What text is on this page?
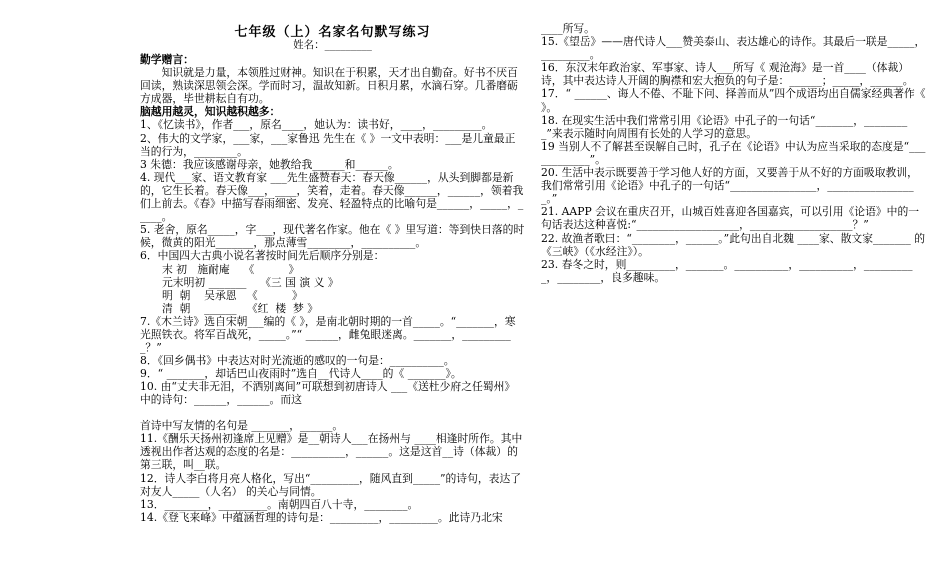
七年级（上）名家名句默写练习
姓名：_________
勤学赠言：
知识就是力量，本领胜过财神。知识在于积累，天才出自勤奋。好书不厌百回读，熟读深思领会深。学而时习，温故知新。日积月累，水滴石穿。几番磨砺方成器，毕世耕耘自有功。
脑越用越灵，知识越积越多：
1、《忆读书》，作者___，原名____，她认为：读书好，____，_________。
2、伟大的文学家，___家，___家鲁迅 先生在《 》一文中表明：___是儿童最正当的行为，________。
3 朱德：我应该感谢母亲，她教给我______和______。
4. 现代___家、语文教育家 ___先生盛赞春天：春天像______，从头到脚都是新的，它生长着。春天像___，____，笑着，走着。春天像______，______，领着我们上前去。《春》中描写春雨细密、发亮、轻盈特点的比喻句是______，_____，_____。
5. 老舍，原名_____，字___，现代著名作家。他在《 》里写道：等到快日落的时候，微黄的阳光_______，那点薄雪________，__________。
6．中国四大古典小说名著按时间先后顺序分别是：
末 初   施耐庵    《          》
元末明初 _______    《三 国 演 义 》
明  朝    吴承恩   《          》
清  朝    ______   《红  楼  梦 》
7.《木兰诗》选自宋朝___编的《 》，是南北朝时期的一首_____。“_______，寒光照铁衣。将军百战死，_____。”“ ______，雌兔眼迷离。_______，__________？”
8．《回乡偶书》中表达对时光流逝的感叹的一句是：__________。
9．“ _______，却话巴山夜雨时”选自__代诗人____的《 _______》。
10. 由“丈夫非无泪，不洒别离间”可联想到初唐诗人 ___《送杜少府之任蜀州》中的诗句：______，______。而这
首诗中写友情的名句是 _______，______。
11.《酬乐天扬州初逢席上见赠》是__朝诗人___在扬州与 ____相逢时所作。其中透视出作者达观的态度的名是：__________，______。这是这首__诗（体裁）的第三联，叫__联。
12．诗人李白将月亮人格化，写出“_________，随风直到_____”的诗句，表达了对友人_____（人名） 的关心与同情。
13．________，_________。南朝四百八十寺，________。
14.《登飞来峰》中蕴涵哲理的诗句是：_________，_________。此诗乃北宋
____所写。
15.《望岳》——唐代诗人___赞美泰山、表达雄心的诗作。其最后一联是_____，_________。
16．东汉末年政治家、军事家、诗人___所写《 观沧海》是一首____（体裁）诗，其中表达诗人开阔的胸襟和宏大抱负的句子是：______；_____，______。
17．“ ______、诲人不倦、不耻下问、择善而从”四个成语均出自儒家经典著作《 》。
18. 在现实生活中我们常常引用《论语》中孔子的一句话“_______，_________”来表示随时向周围有长处的人学习的意思。
19 当别人不了解甚至误解自己时，孔子在《论语》中认为应当采取的态度是“____________”。
20. 生活中表示既要善于学习他人好的方面，又要善于从不好的方面吸取教训，我们常常引用《论语》中孔子的一句话“________________，_________________。”
21. AAPP 会议在重庆召开，山城百姓喜迎各国嘉宾，可以引用《论语》中的一句话表达这种喜悦:“___________________，___________________？”
22. 故渔者歌曰：“________，______。”此句出自北魏 ____家、散文家_______ 的《三峡》（《水经注》）。
23. 春冬之时，则_________，_______。__________，__________，__________，________，良多趣味。
